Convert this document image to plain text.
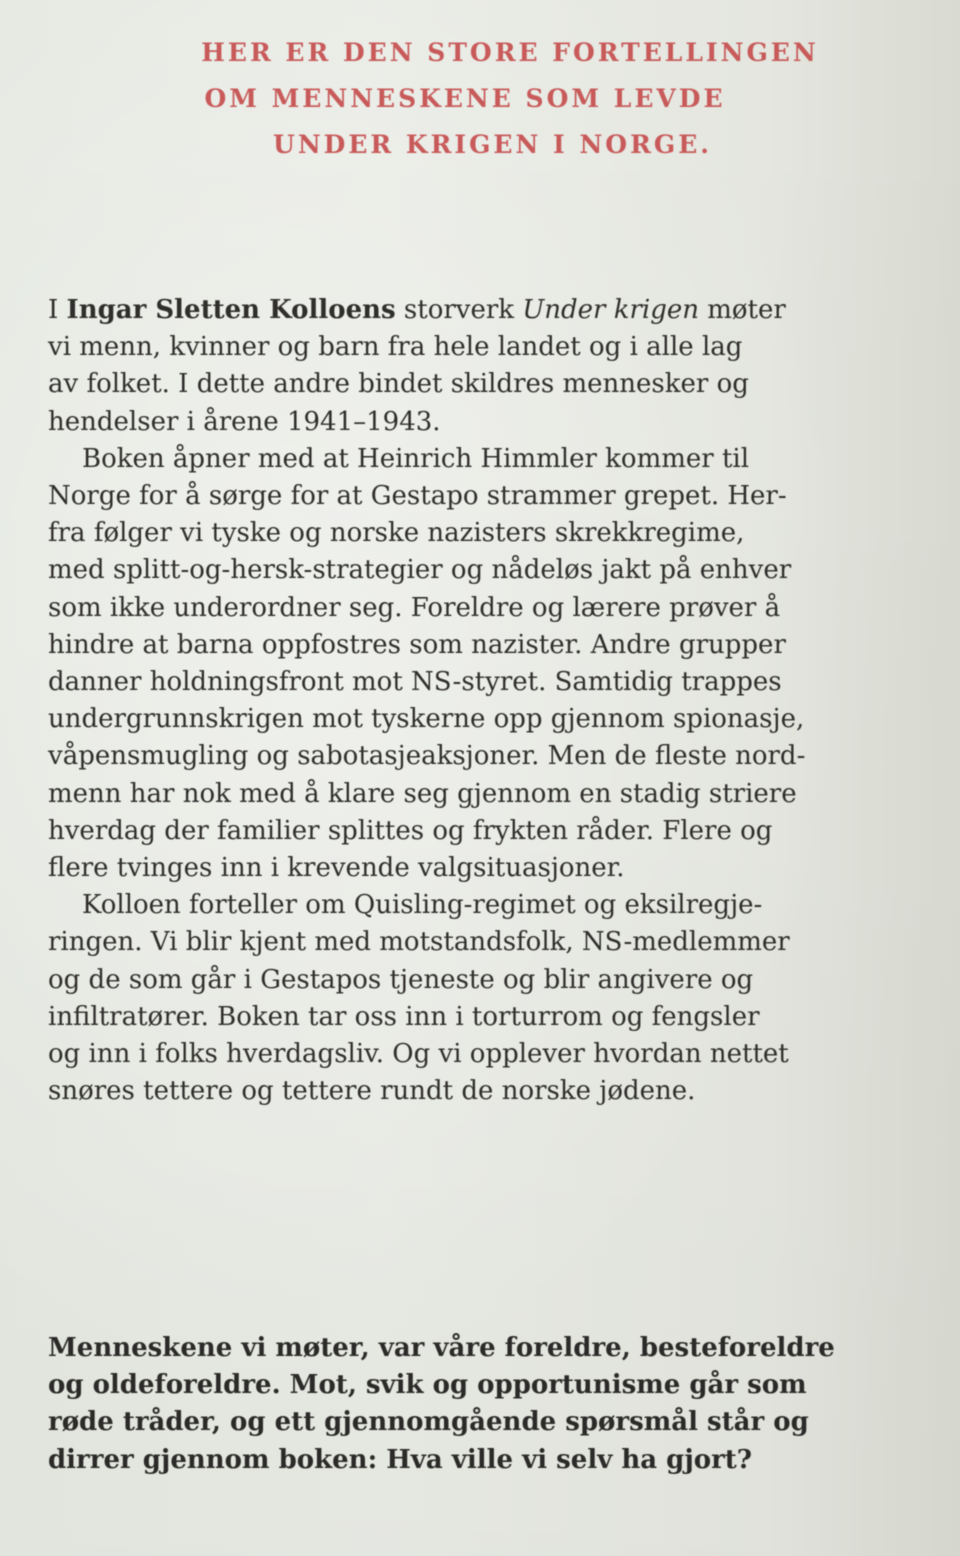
HER ER DEN STORE FORTELLINGEN
OM MENNESKENE SOM LEVDE
UNDER KRIGEN I NORGE.
I Ingar Sletten Kolloens storverk Under krigen møter
vi menn, kvinner og barn fra hele landet og i alle lag
av folket. I dette andre bindet skildres mennesker og
hendelser i årene 1941–1943.
Boken åpner med at Heinrich Himmler kommer til
Norge for å sørge for at Gestapo strammer grepet. Her-
fra følger vi tyske og norske nazisters skrekkregime,
med splitt-og-hersk-strategier og nådeløs jakt på enhver
som ikke underordner seg. Foreldre og lærere prøver å
hindre at barna oppfostres som nazister. Andre grupper
danner holdningsfront mot NS-styret. Samtidig trappes
undergrunnskrigen mot tyskerne opp gjennom spionasje,
våpensmugling og sabotasjeaksjoner. Men de fleste nord-
menn har nok med å klare seg gjennom en stadig striere
hverdag der familier splittes og frykten råder. Flere og
flere tvinges inn i krevende valgsituasjoner.
Kolloen forteller om Quisling-regimet og eksilregje-
ringen. Vi blir kjent med motstandsfolk, NS-medlemmer
og de som går i Gestapos tjeneste og blir angivere og
infiltratører. Boken tar oss inn i torturrom og fengsler
og inn i folks hverdagsliv. Og vi opplever hvordan nettet
snøres tettere og tettere rundt de norske jødene.
Menneskene vi møter, var våre foreldre, besteforeldre
og oldeforeldre. Mot, svik og opportunisme går som
røde tråder, og ett gjennomgående spørsmål står og
dirrer gjennom boken: Hva ville vi selv ha gjort?
